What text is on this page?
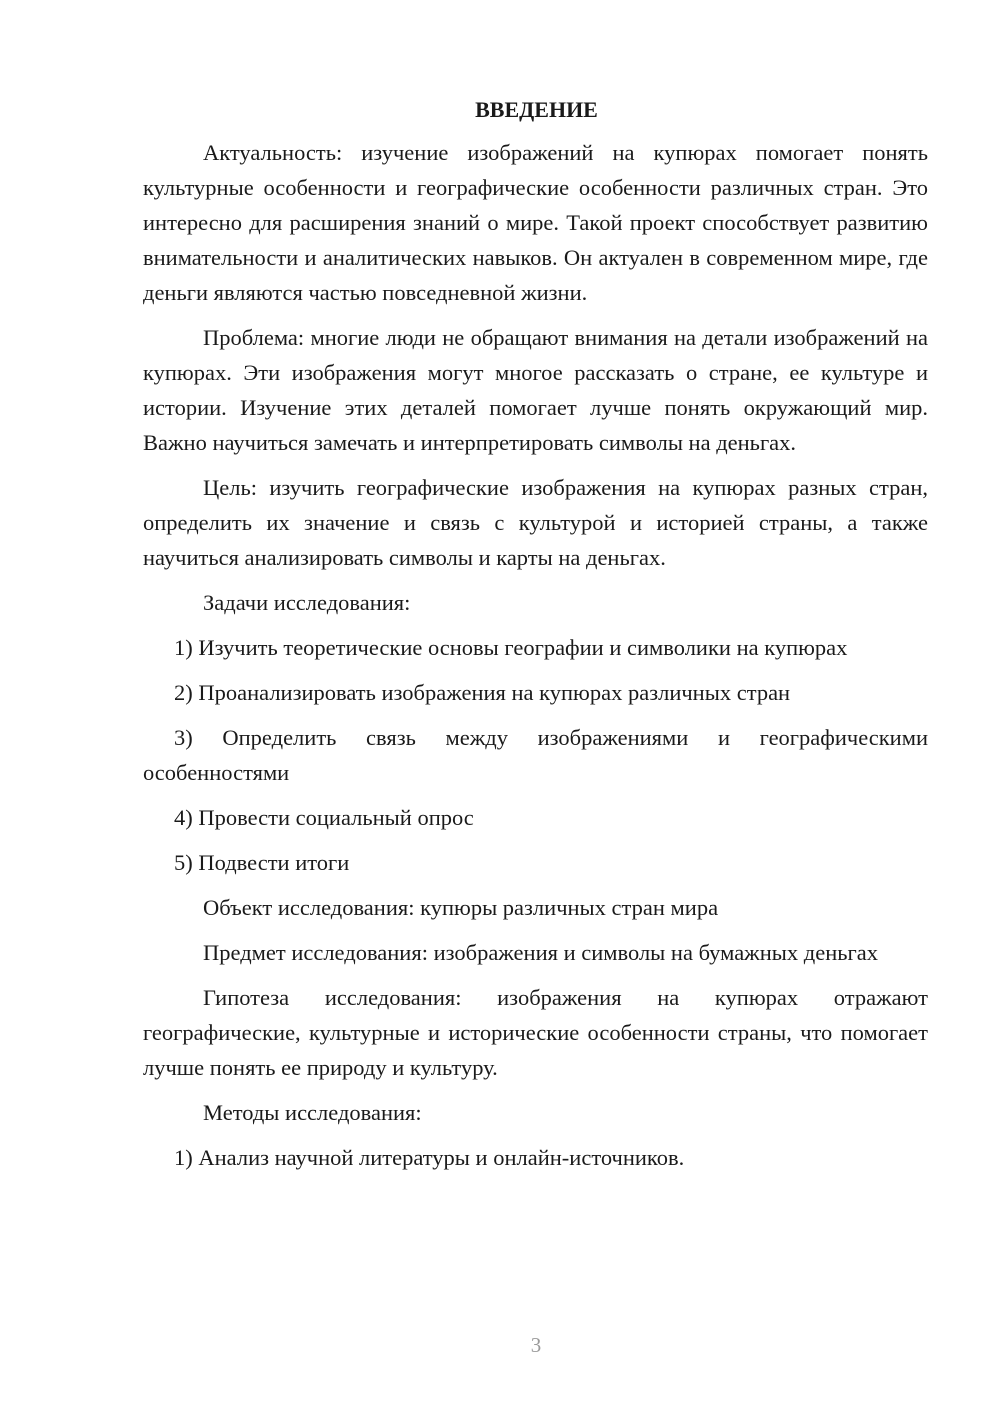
ВВЕДЕНИЕ

Актуальность: изучение изображений на купюрах помогает понять культурные особенности и географические особенности различных стран. Это интересно для расширения знаний о мире. Такой проект способствует развитию внимательности и аналитических навыков. Он актуален в современном мире, где деньги являются частью повседневной жизни.

Проблема: многие люди не обращают внимания на детали изображений на купюрах. Эти изображения могут многое рассказать о стране, ее культуре и истории. Изучение этих деталей помогает лучше понять окружающий мир. Важно научиться замечать и интерпретировать символы на деньгах.

Цель: изучить географические изображения на купюрах разных стран, определить их значение и связь с культурой и историей страны, а также научиться анализировать символы и карты на деньгах.

Задачи исследования:

1) Изучить теоретические основы географии и символики на купюрах

2) Проанализировать изображения на купюрах различных стран

3) Определить связь между изображениями и географическими особенностями

4) Провести социальный опрос

5) Подвести итоги

Объект исследования: купюры различных стран мира

Предмет исследования: изображения и символы на бумажных деньгах

Гипотеза исследования: изображения на купюрах отражают географические, культурные и исторические особенности страны, что помогает лучше понять ее природу и культуру.

Методы исследования:

1) Анализ научной литературы и онлайн-источников.

3
